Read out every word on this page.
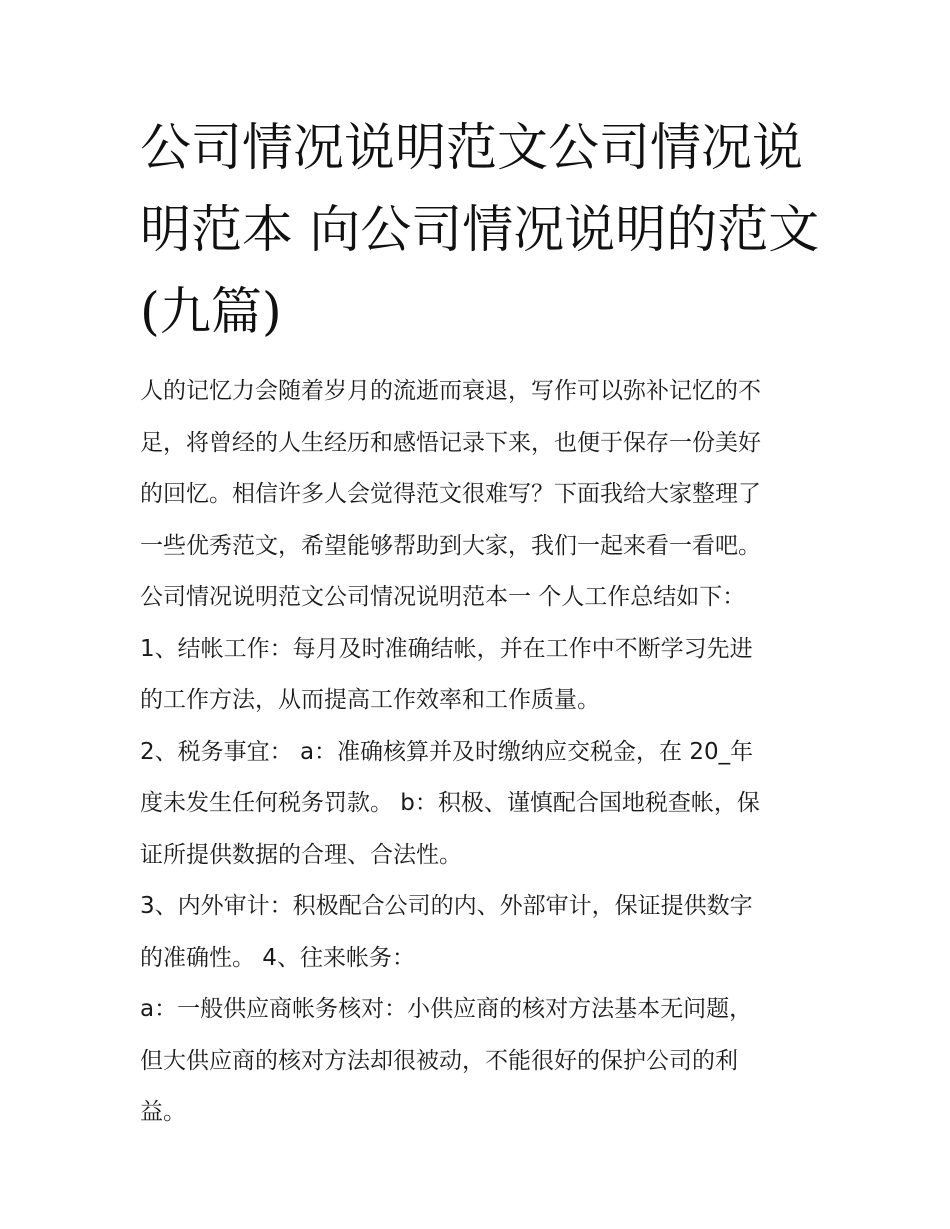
公司情况说明范文公司情况说
明范本 向公司情况说明的范文
(九篇)
人的记忆力会随着岁月的流逝而衰退，写作可以弥补记忆的不
足，将曾经的人生经历和感悟记录下来，也便于保存一份美好
的回忆。相信许多人会觉得范文很难写？下面我给大家整理了
一些优秀范文，希望能够帮助到大家，我们一起来看一看吧。
公司情况说明范文公司情况说明范本一 个人工作总结如下：
1、结帐工作：每月及时准确结帐，并在工作中不断学习先进
的工作方法，从而提高工作效率和工作质量。
2、税务事宜： a：准确核算并及时缴纳应交税金，在 20_年
度未发生任何税务罚款。 b：积极、谨慎配合国地税查帐，保
证所提供数据的合理、合法性。
3、内外审计：积极配合公司的内、外部审计，保证提供数字
的准确性。 4、往来帐务：
a：一般供应商帐务核对：小供应商的核对方法基本无问题，
但大供应商的核对方法却很被动，不能很好的保护公司的利
益。
